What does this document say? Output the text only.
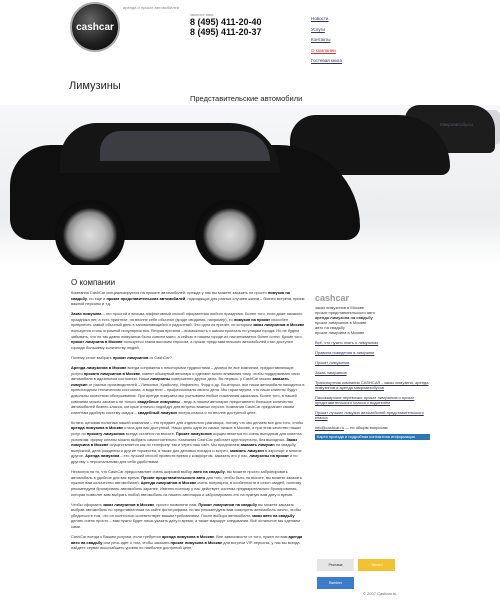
cashcar
аренда и прокат автомобилей
звоните нам:
8 (495) 411-20-40
8 (495) 411-20-37
Новости
Услуги
Контакты
О компании
Гостевая книга
Лимузины
Представительские автомобили
Микроавтобусы
О компании

Компания CashCar специализируется на прокате автомобилей, прежде у нас вы можете заказать не просто лимузин на свадьбу, но еще и прокат представительских автомобилей, подходящих для разных случаев жизни – бизнес встреча, прием важной персоны и т.д.

Заказ лимузина – это простой и весьма эффективный способ оформления любого праздника. Более того, если даже никакого праздника нет, а есть приятное, но вполне себе обычное (вроде свидания, например), то лимузин на прокат способен превратить самый обычный день в запоминающийся и радостный. Это одна из причин, по которым заказ лимузинов в Москве пользуется столь огромной популярностью. Вторая причина – возможность с шиком проехать по улицам города. Но не будем забывать, что не так давно лимузинов было совсем мало, а сейчас в нашем городе их насчитывается более сотни. Кроме того, прокат лимузина в Москве пользуется таким высоким спросом, а прокат представительских автомобилей стал доступен гораздо большему количеству людей.

Почему стоит выбрать прокат лимузинов от CashCar?

Аренда лимузинов в Москве всегда сопряжена с некоторыми трудностями – далеко не все компании, предоставляющие услуги проката лимузинов в Москве, имеют обширный автопарк и сделают много внимания тому, чтобы поддерживать свои автомобили в идеальном состоянии. Наши лимузины совершенно другое дело. Во-первых, у CashCar можно заказать лимузин от разных производителей – Линкольн, Крайслер, Инфинити, Форд и др. Во-вторых, все наши автомобили находятся в превосходном техническом состоянии, а водители – профессионалы своего дела. Мы гарантируем, что наши клиенты будут довольны качеством обслуживания. При аренде лимузина мы учитываем любые пожелания заказчика. Более того, в нашей компании можно заказать не только свадебные лимузины – ведь в нашем автопарке представлено большое количество автомобилей бизнес-класса, которые отлично подойдут для встречи важных персон. Компания CashCar предлагает своим клиентам удобную систему скидок – свадебный лимузин экстра-класса и по вполне доступной цене.

Кстати, ценовая политика нашей компании – это предмет для отдельного разговора, потому что мы делаем все для того, чтобы аренда лимузина в Москве стала для вас доступной. Наши цены одни из самых низких в Москве, и при этом качество наших услуг по прокату лимузинов всегда остается на высоте. Прокат лимузинов осуществляется по очень выгодным для клиента условиям, форму оплаты можно выбрать самостоятельно. Компания CashCar работает круглосуточно, без выходных. Заказ лимузина в Москве осуществляется как по телефону, так и через наш сайт. Мы предлагаем заказать лимузин на свадьбу, выпускной, день рождения и другие торжества, а также для деловых поездок и встреч, заказать лимузин в аэропорт и многое другое. Аренда лимузина – это лучший способ провести время с комфортом, заказать его у нас, лимузины на прокат и по другому с персональными для себя удобствами.

Несмотря на то, что CashCar предоставляет очень широкий выбор авто на свадьбу, вы можете просто забронировать автомобиль в удобное для вас время. Прокат представительского авто для того, чтобы быть на высоте, вы можете заказать нужное вам количество автомобилей. Аренда лимузинов в Москве очень популярна, в особенности в сезон свадеб, поэтому рекомендуем бронировать автомобиль заранее. Именно поэтому у нас действует система предварительного бронирования, которая позволит вам выбрать любой автомобиль из нашего автопарка и забронировать его на нужную вам дату и время.

Чтобы оформить заказ лимузинов в Москве, просто позвоните нам. Прокат лимузинов на свадьбу вы можете заказать выбрав автомобиль по представленным на сайте фотографиям, но мы рекомендуем вам осмотреть автомобиль лично, чтобы убедиться в том, что он полностью соответствует вашим требованиям. После выбора автомобиля, заказ авто на свадьбу делать очень просто – вам нужно будет лишь указать дату и время, а также маршрут следования. Всё остальное мы сделаем сами.

CashCar всегда к Вашим услугам, если требуется аренда лимузина в Москве. Вне зависимости от того, нужен ли вам аренда авто на свадьбу или речь идет о том, чтобы заказать прокат лимузина в Москве для встречи VIP-персоны, у нас вы всегда найдете сервис высочайшего уровня по наиболее доступной цене.

cashcar
заказ лимузинов в Москве
прокат представительского авто
аренда лимузина на свадьбу
прокат лимузинов в Москве
авто на свадьбу
прокат лимузина в Москве
Всё, что нужно знать о лимузинах
Правила поведения в лимузине
Прокат лимузинов
Заказ лимузинов
Транспортная компания CASHCAR - заказ лимузина, аренда лимузинов и аренда микроавтобусов
Пассажирские перевозки: прокат лимузинов и прокат представительского класса с водителем
Прокат лучших лимузин автомобилей представительского класса
info@cashcar.ru — по общим вопросам
Карта проезда и подробная контактная информация
Реклама	Yandex Rambler
© 2007 Cashcar.ru
